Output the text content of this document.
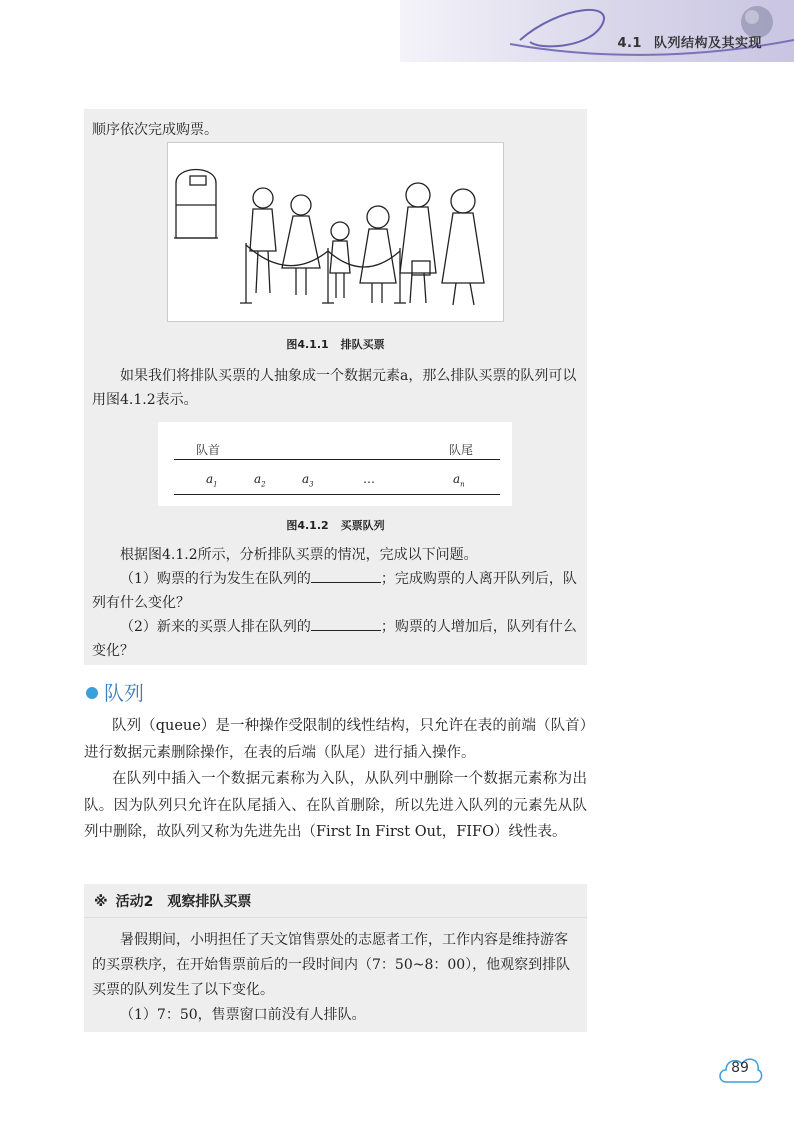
4.1 队列结构及其实现

顺序依次完成购票。

图4.1.1 排队买票

如果我们将排队买票的人抽象成一个数据元素a，那么排队买票的队列可以用图4.1.2表示。

队首	队尾
$a_1$	$a_2$	$a_3$	…	$a_n$
图4.1.2 买票队列

根据图4.1.2所示，分析排队买票的情况，完成以下问题。

（1）购票的行为发生在队列的	；完成购票的人离开队列后，队列有什么变化？

（2）新来的买票人排在队列的	；购票的人增加后，队列有什么变化？

队列

队列（queue）是一种操作受限制的线性结构，只允许在表的前端（队首）进行数据元素删除操作，在表的后端（队尾）进行插入操作。

在队列中插入一个数据元素称为入队，从队列中删除一个数据元素称为出队。因为队列只允许在队尾插入、在队首删除，所以先进入队列的元素先从队列中删除，故队列又称为先进先出（First In First Out，FIFO）线性表。

※ 活动2　观察排队买票

暑假期间，小明担任了天文馆售票处的志愿者工作，工作内容是维持游客的买票秩序，在开始售票前后的一段时间内（7：50~8：00），他观察到排队买票的队列发生了以下变化。

（1）7：50，售票窗口前没有人排队。

89
